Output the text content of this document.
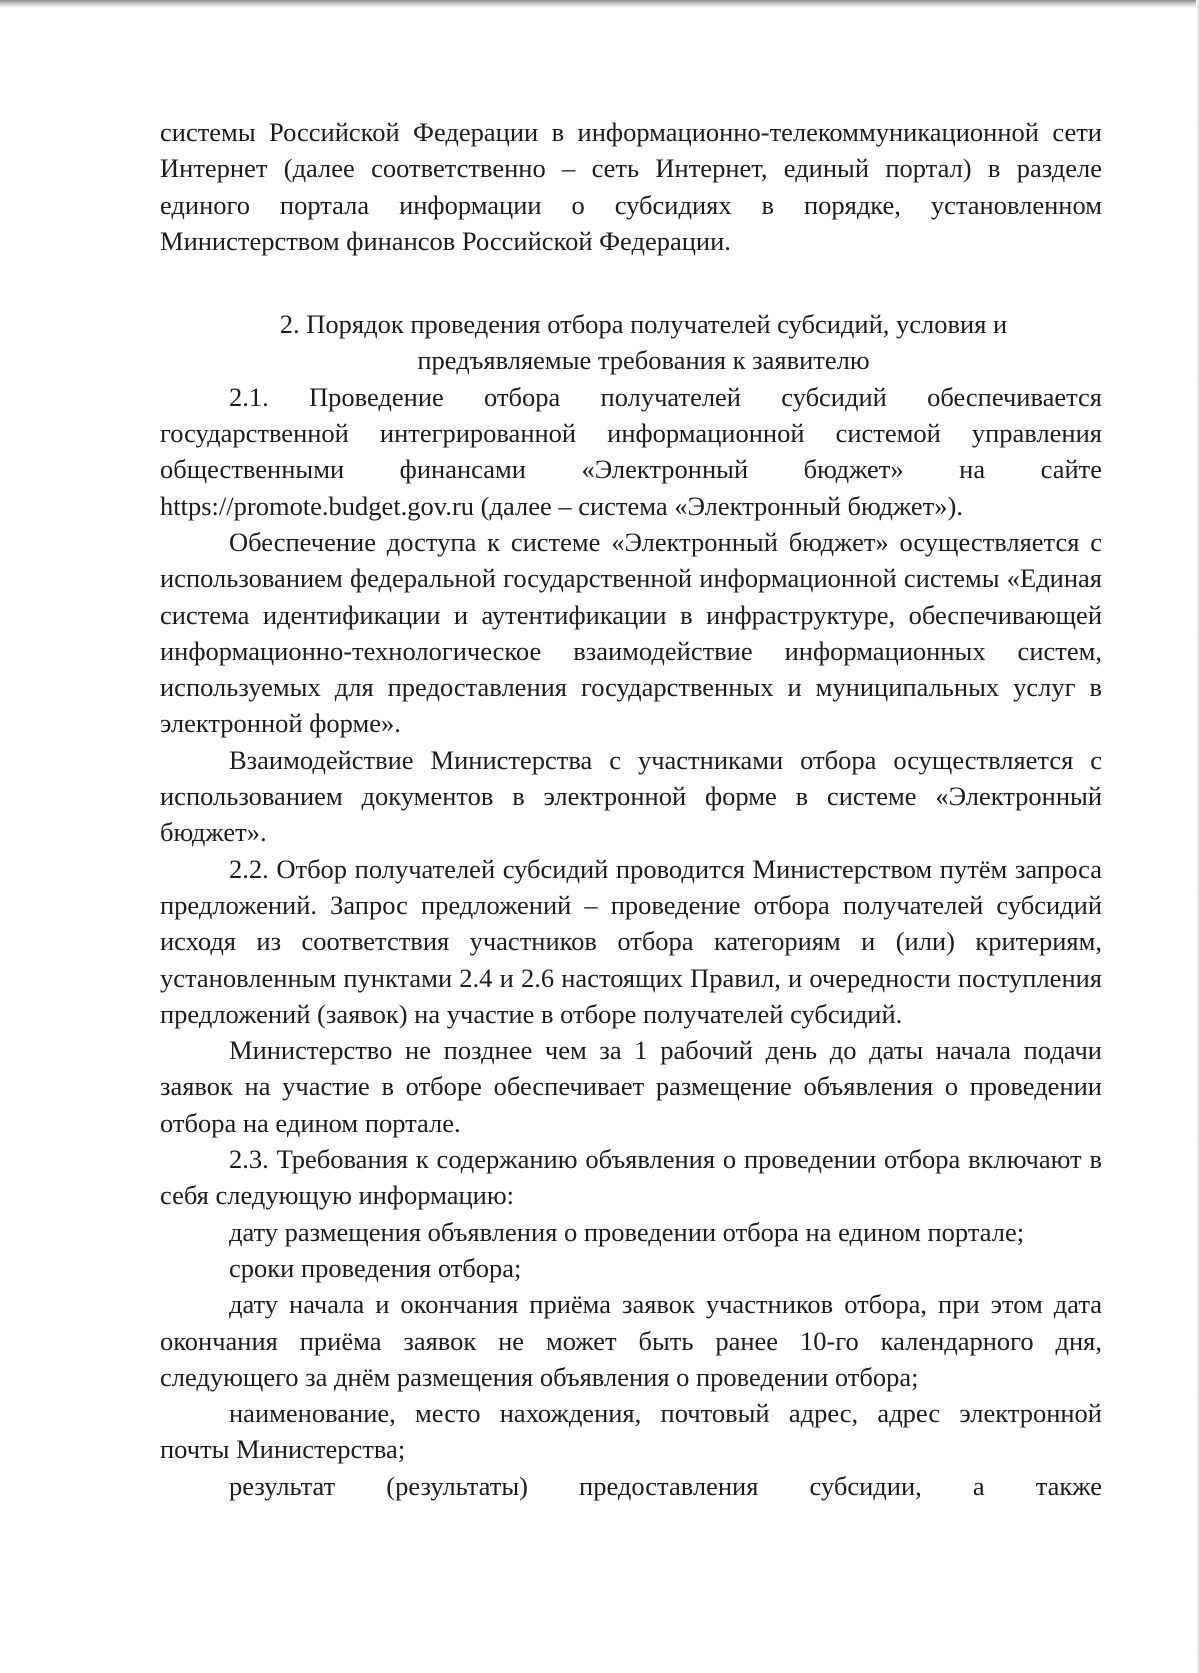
системы Российской Федерации в информационно-телекоммуникационной сети Интернет (далее соответственно – сеть Интернет, единый портал) в разделе единого портала информации о субсидиях в порядке, установленном Министерством финансов Российской Федерации.

2. Порядок проведения отбора получателей субсидий, условия и
предъявляемые требования к заявителю

2.1. Проведение отбора получателей субсидий обеспечивается государственной интегрированной информационной системой управления общественными финансами «Электронный бюджет» на сайте https://promote.budget.gov.ru (далее – система «Электронный бюджет»).

Обеспечение доступа к системе «Электронный бюджет» осуществляется с использованием федеральной государственной информационной системы «Единая система идентификации и аутентификации в инфраструктуре, обеспечивающей информационно-технологическое взаимодействие информационных систем, используемых для предоставления государственных и муниципальных услуг в электронной форме».

Взаимодействие Министерства с участниками отбора осуществляется с использованием документов в электронной форме в системе «Электронный бюджет».

2.2. Отбор получателей субсидий проводится Министерством путём запроса предложений. Запрос предложений – проведение отбора получателей субсидий исходя из соответствия участников отбора категориям и (или) критериям, установленным пунктами 2.4 и 2.6 настоящих Правил, и очередности поступления предложений (заявок) на участие в отборе получателей субсидий.

Министерство не позднее чем за 1 рабочий день до даты начала подачи заявок на участие в отборе обеспечивает размещение объявления о проведении отбора на едином портале.

2.3. Требования к содержанию объявления о проведении отбора включают в себя следующую информацию:

дату размещения объявления о проведении отбора на едином портале;

сроки проведения отбора;

дату начала и окончания приёма заявок участников отбора, при этом дата окончания приёма заявок не может быть ранее 10-го календарного дня, следующего за днём размещения объявления о проведении отбора;

наименование, место нахождения, почтовый адрес, адрес электронной почты Министерства;

результат (результаты) предоставления субсидии, а также
